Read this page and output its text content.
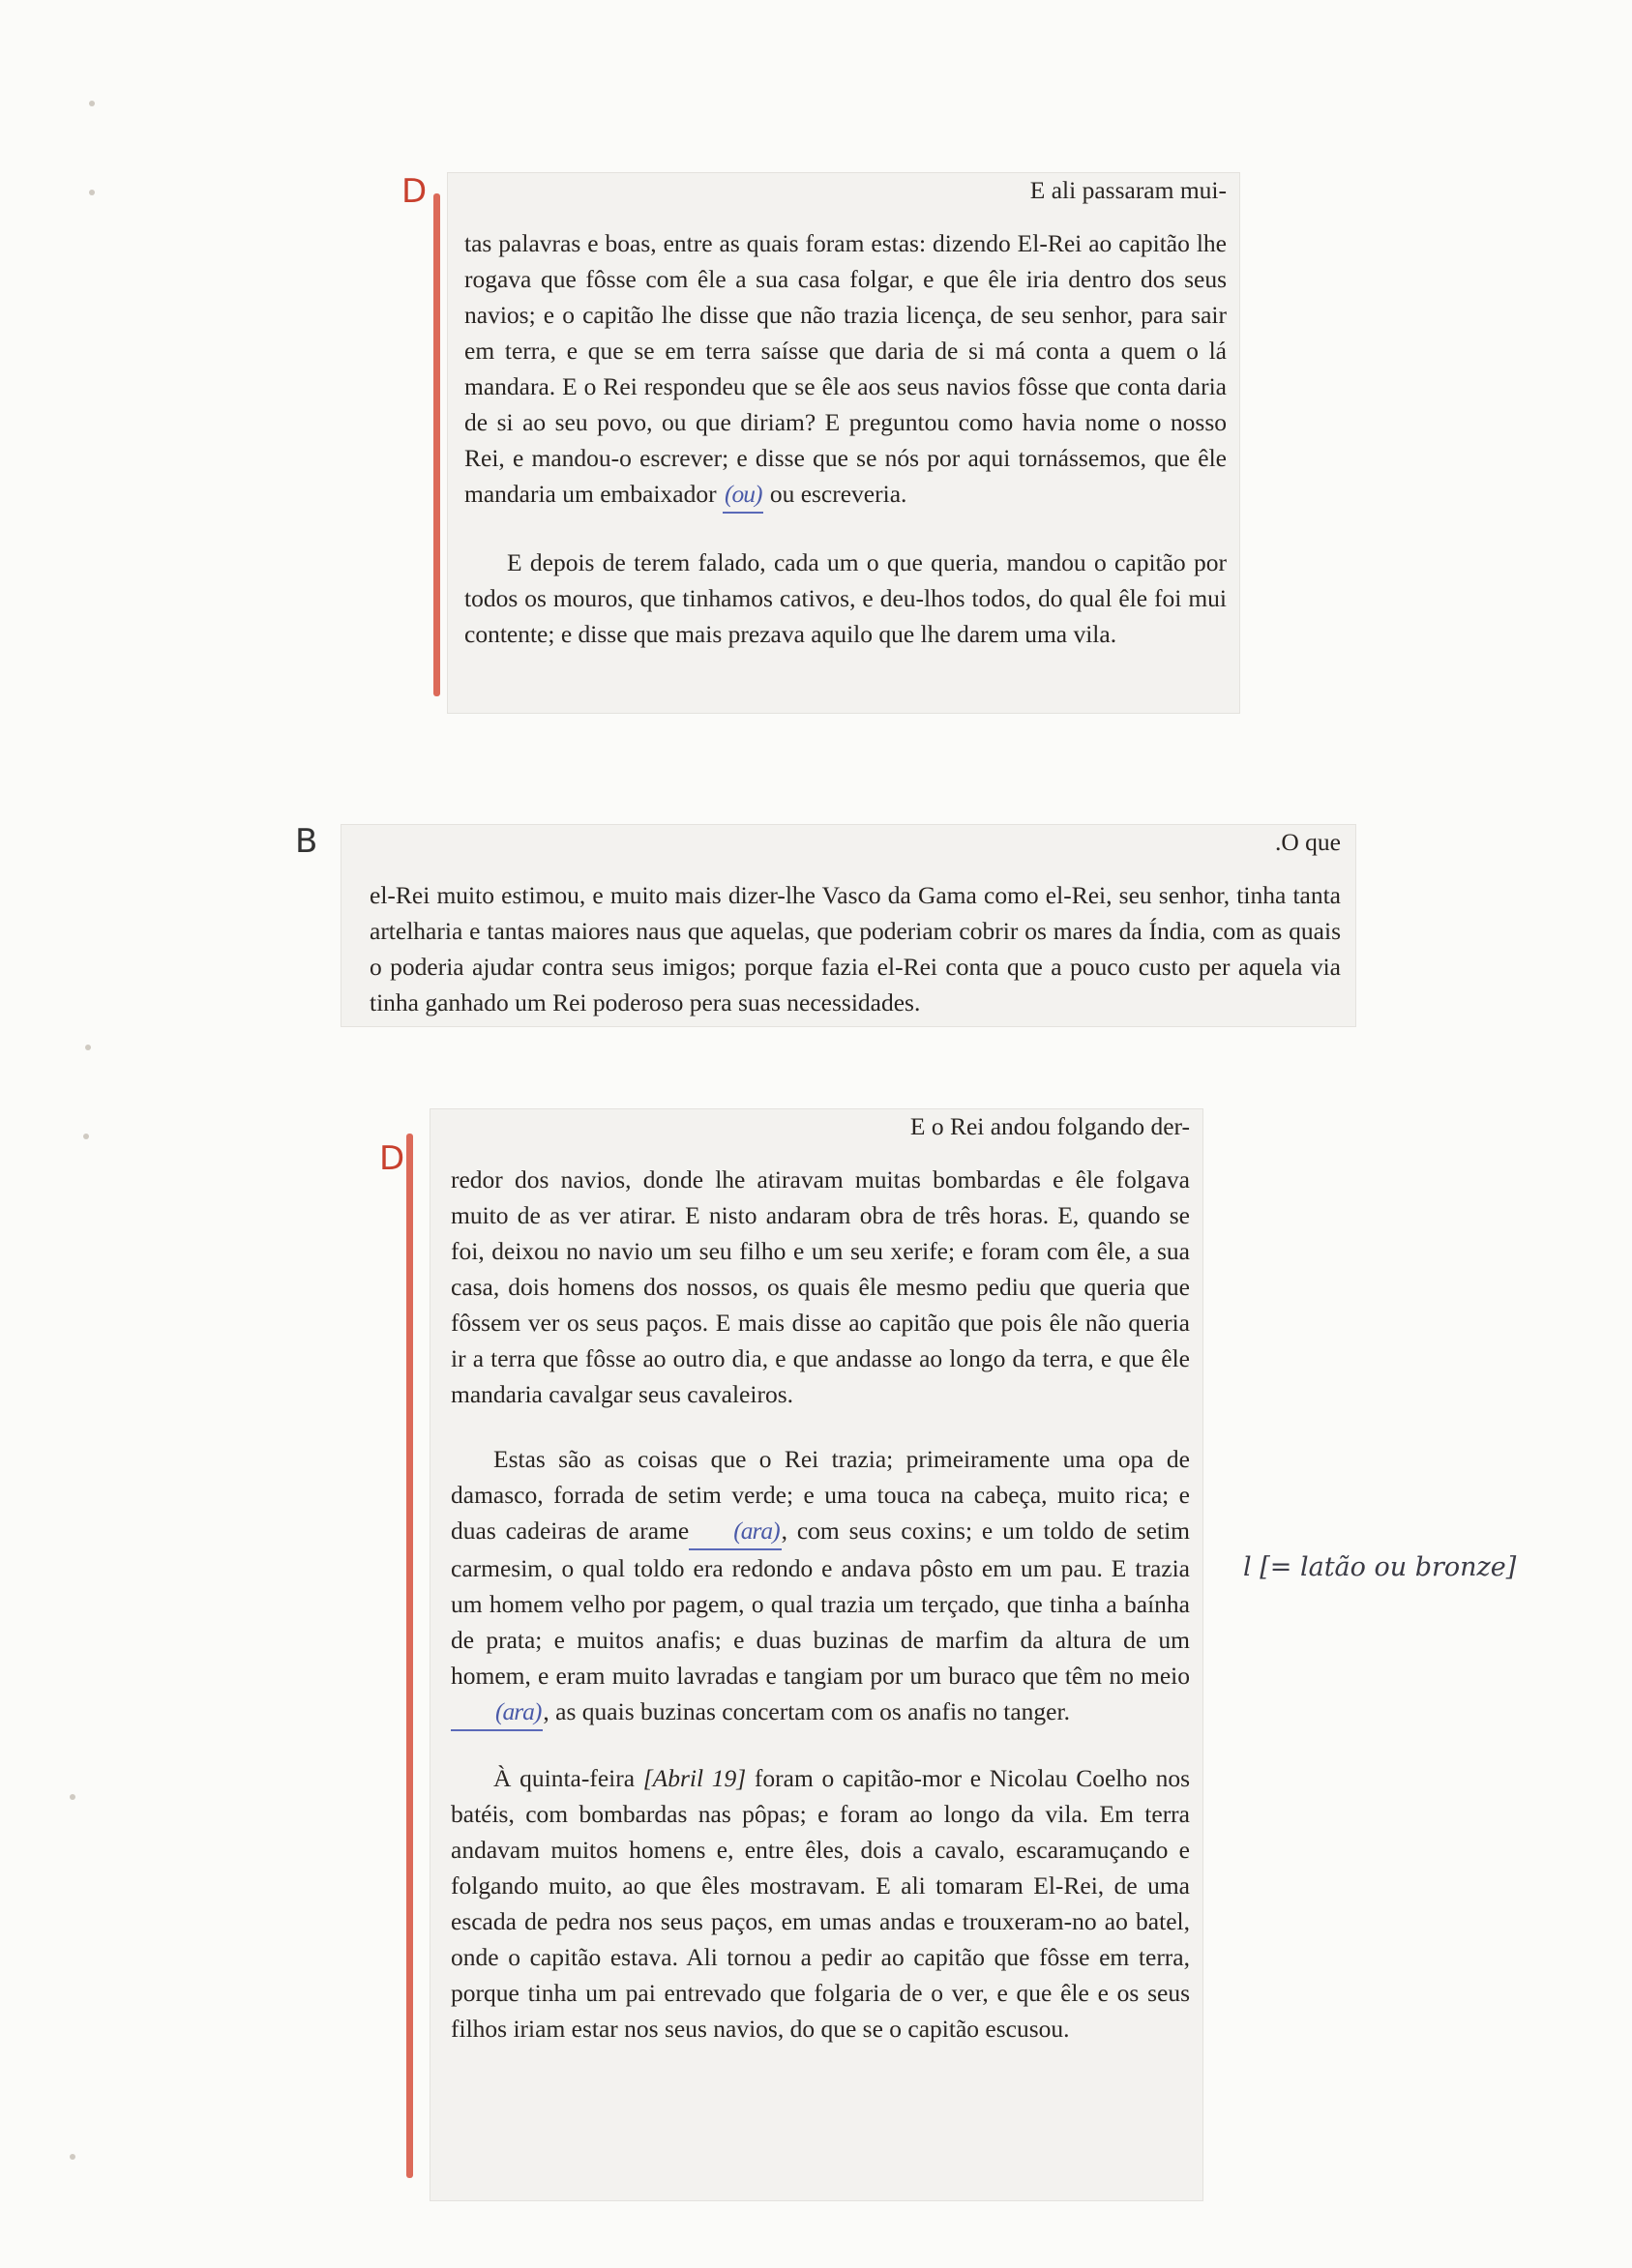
D	E ali passaram mui-

tas palavras e boas, entre as quais foram estas: dizendo El-Rei ao capitão lhe rogava que fôsse com êle a sua casa folgar, e que êle iria dentro dos seus navios; e o capitão lhe disse que não trazia licença, de seu senhor, para sair em terra, e que se em terra saísse que daria de si má conta a quem o lá mandara. E o Rei respondeu que se êle aos seus navios fôsse que conta daria de si ao seu povo, ou que diriam? E preguntou como havia nome o nosso Rei, e mandou-o escrever; e disse que se nós por aqui tornássemos, que êle mandaria um embaixador (ou) ou escreveria.

E depois de terem falado, cada um o que queria, mandou o capitão por todos os mouros, que tinhamos cativos, e deu-lhos todos, do qual êle foi mui contente; e disse que mais prezava aquilo que lhe darem uma vila.

B	.O que

el-Rei muito estimou, e muito mais dizer-lhe Vasco da Gama como el-Rei, seu senhor, tinha tanta artelharia e tantas maiores naus que aquelas, que poderiam cobrir os mares da Índia, com as quais o poderia ajudar contra seus imigos; porque fazia el-Rei conta que a pouco custo per aquela via tinha ganhado um Rei poderoso pera suas necessidades.

D

E o Rei andou folgando der-

redor dos navios, donde lhe atiravam muitas bombardas e êle folgava muito de as ver atirar. E nisto andaram obra de três horas. E, quando se foi, deixou no navio um seu filho e um seu xerife; e foram com êle, a sua casa, dois homens dos nossos, os quais êle mesmo pediu que queria que fôssem ver os seus paços. E mais disse ao capitão que pois êle não queria ir a terra que fôsse ao outro dia, e que andasse ao longo da terra, e que êle mandaria cavalgar seus cavaleiros.

Estas são as coisas que o Rei trazia; primeiramente uma opa de damasco, forrada de setim verde; e uma touca na cabeça, muito rica; e duas cadeiras de arame (ara), com seus coxins; e um toldo de setim carmesim, o qual toldo era redondo e andava pôsto em um pau. E trazia um homem velho por pagem, o qual trazia um terçado, que tinha a baínha de prata; e muitos anafis; e duas buzinas de marfim da altura de um homem, e eram muito lavradas e tangiam por um buraco que têm no meio (ara), as quais buzinas concertam com os anafis no tanger.

À quinta-feira [Abril 19] foram o capitão-mor e Nicolau Coelho nos batéis, com bombardas nas pôpas; e foram ao longo da vila. Em terra andavam muitos homens e, entre êles, dois a cavalo, escaramuçando e folgando muito, ao que êles mostravam. E ali tomaram El-Rei, de uma escada de pedra nos seus paços, em umas andas e trouxeram-no ao batel, onde o capitão estava. Ali tornou a pedir ao capitão que fôsse em terra, porque tinha um pai entrevado que folgaria de o ver, e que êle e os seus filhos iriam estar nos seus navios, do que se o capitão escusou.

l [= latão ou bronze]
